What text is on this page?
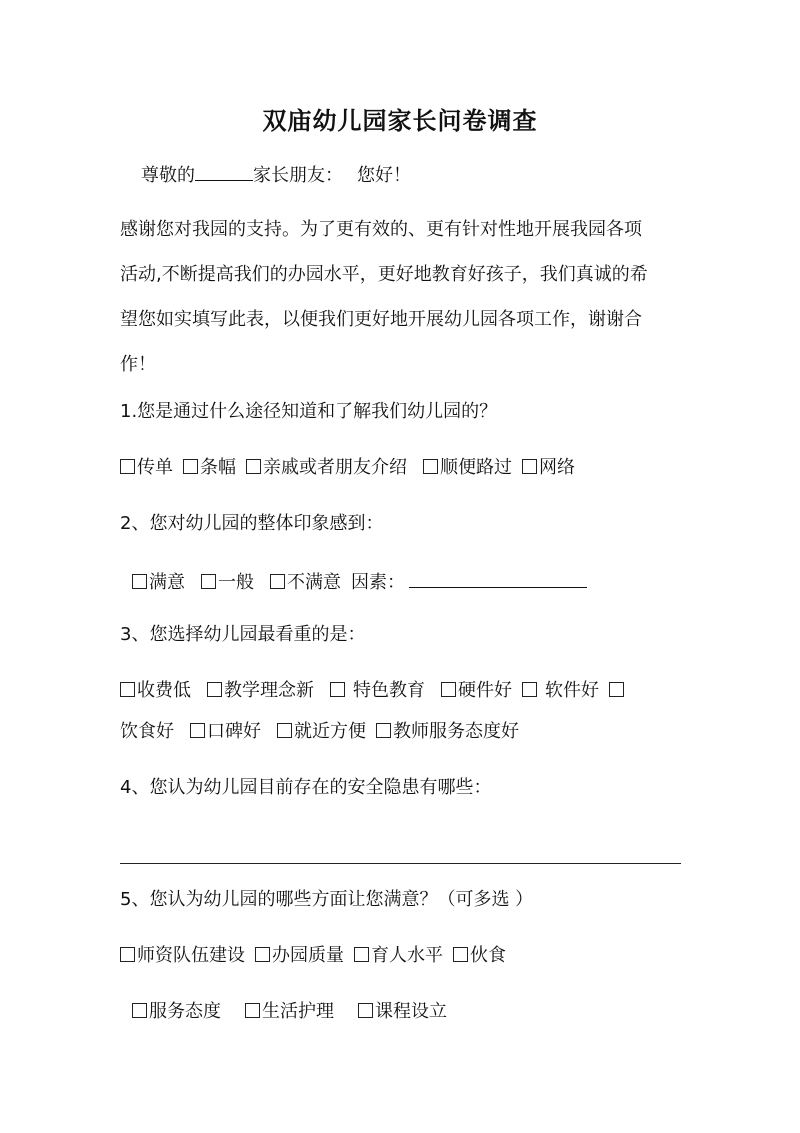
双庙幼儿园家长问卷调查
尊敬的	家长朋友： 您好！

感谢您对我园的支持。为了更有效的、更有针对性地开展我园各项

活动,不断提高我们的办园水平，更好地教育好孩子，我们真诚的希

望您如实填写此表，以便我们更好地开展幼儿园各项工作，谢谢合

作！

1.您是通过什么途径知道和了解我们幼儿园的？
传单 条幅 亲戚或者朋友介绍 顺便路过 网络
2、您对幼儿园的整体印象感到：
满意 一般 不满意 因素：
3、您选择幼儿园最看重的是：
收费低 教学理念新 特色教育 硬件好 软件好
饮食好 口碑好 就近方便 教师服务态度好
4、您认为幼儿园目前存在的安全隐患有哪些：
5、您认为幼儿园的哪些方面让您满意？（可多选 ）
师资队伍建设 办园质量 育人水平 伙食
服务态度 生活护理 课程设立
